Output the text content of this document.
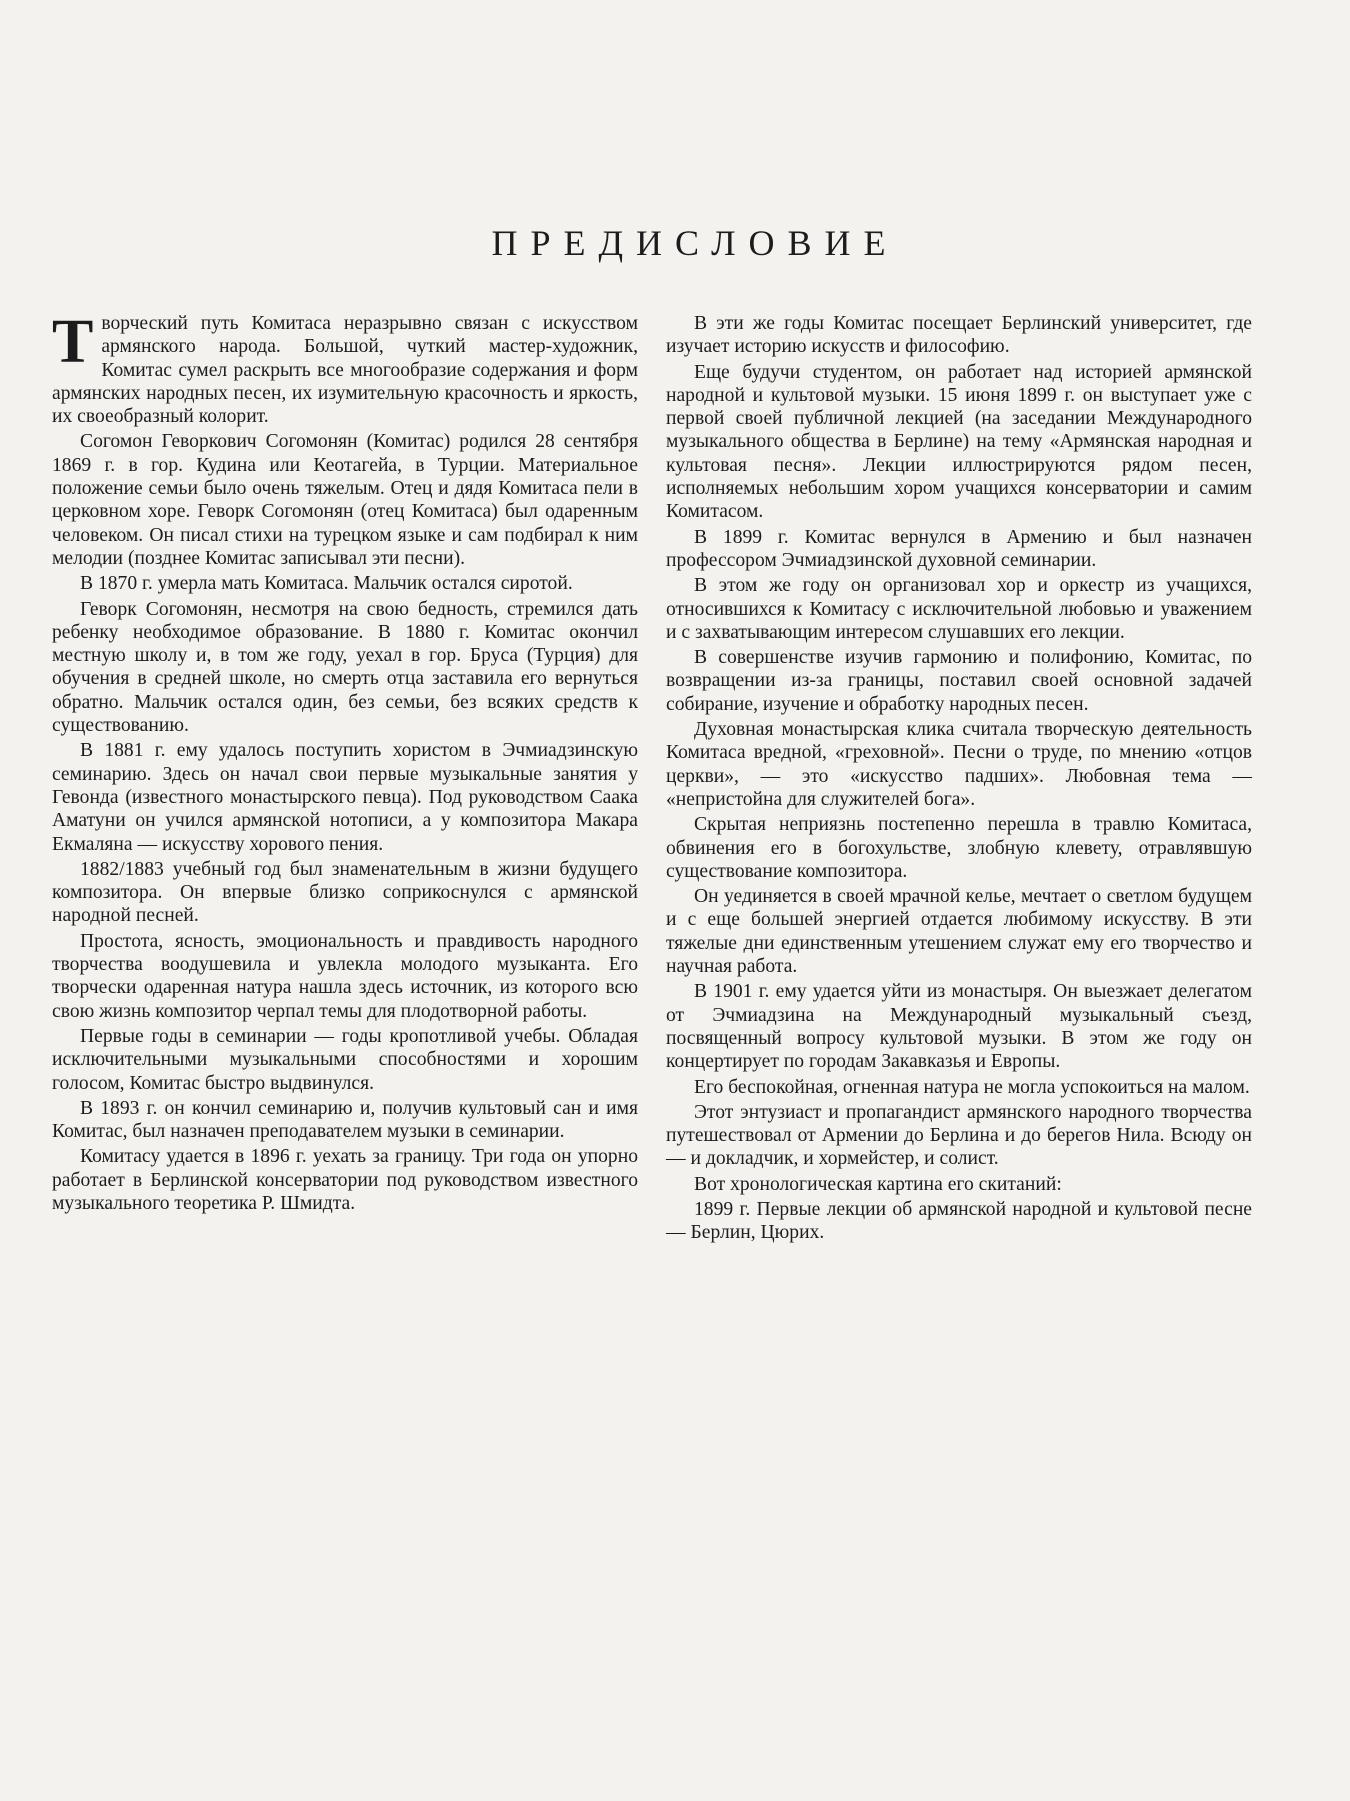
ПРЕДИСЛОВИЕ

Творческий путь Комитаса неразрывно связан с искусством армянского народа. Большой, чуткий мастер-художник, Комитас сумел раскрыть все многообразие содержания и форм армянских народных песен, их изумительную красочность и яркость, их своеобразный колорит.

Согомон Геворкович Согомонян (Комитас) родился 28 сентября 1869 г. в гор. Кудина или Кеотагейа, в Турции. Материальное положение семьи было очень тяжелым. Отец и дядя Комитаса пели в церковном хоре. Геворк Согомонян (отец Комитаса) был одаренным человеком. Он писал стихи на турецком языке и сам подбирал к ним мелодии (позднее Комитас записывал эти песни).

В 1870 г. умерла мать Комитаса. Мальчик остался сиротой.

Геворк Согомонян, несмотря на свою бедность, стремился дать ребенку необходимое образование. В 1880 г. Комитас окончил местную школу и, в том же году, уехал в гор. Бруса (Турция) для обучения в средней школе, но смерть отца заставила его вернуться обратно. Мальчик остался один, без семьи, без всяких средств к существованию.

В 1881 г. ему удалось поступить хористом в Эчмиадзинскую семинарию. Здесь он начал свои первые музыкальные занятия у Гевонда (известного монастырского певца). Под руководством Саака Аматуни он учился армянской нотописи, а у композитора Макара Екмаляна — искусству хорового пения.

1882/1883 учебный год был знаменательным в жизни будущего композитора. Он впервые близко соприкоснулся с армянской народной песней.

Простота, ясность, эмоциональность и правдивость народного творчества воодушевила и увлекла молодого музыканта. Его творчески одаренная натура нашла здесь источник, из которого всю свою жизнь композитор черпал темы для плодотворной работы.

Первые годы в семинарии — годы кропотливой учебы. Обладая исключительными музыкальными способностями и хорошим голосом, Комитас быстро выдвинулся.

В 1893 г. он кончил семинарию и, получив культовый сан и имя Комитас, был назначен преподавателем музыки в семинарии.

Комитасу удается в 1896 г. уехать за границу. Три года он упорно работает в Берлинской консерватории под руководством известного музыкального теоретика Р. Шмидта.

В эти же годы Комитас посещает Берлинский университет, где изучает историю искусств и философию.

Еще будучи студентом, он работает над историей армянской народной и культовой музыки. 15 июня 1899 г. он выступает уже с первой своей публичной лекцией (на заседании Международного музыкального общества в Берлине) на тему «Армянская народная и культовая песня». Лекции иллюстрируются рядом песен, исполняемых небольшим хором учащихся консерватории и самим Комитасом.

В 1899 г. Комитас вернулся в Армению и был назначен профессором Эчмиадзинской духовной семинарии.

В этом же году он организовал хор и оркестр из учащихся, относившихся к Комитасу с исключительной любовью и уважением и с захватывающим интересом слушавших его лекции.

В совершенстве изучив гармонию и полифонию, Комитас, по возвращении из-за границы, поставил своей основной задачей собирание, изучение и обработку народных песен.

Духовная монастырская клика считала творческую деятельность Комитаса вредной, «греховной». Песни о труде, по мнению «отцов церкви», — это «искусство падших». Любовная тема — «непристойна для служителей бога».

Скрытая неприязнь постепенно перешла в травлю Комитаса, обвинения его в богохульстве, злобную клевету, отравлявшую существование композитора.

Он уединяется в своей мрачной келье, мечтает о светлом будущем и с еще большей энергией отдается любимому искусству. В эти тяжелые дни единственным утешением служат ему его творчество и научная работа.

В 1901 г. ему удается уйти из монастыря. Он выезжает делегатом от Эчмиадзина на Международный музыкальный съезд, посвященный вопросу культовой музыки. В этом же году он концертирует по городам Закавказья и Европы.

Его беспокойная, огненная натура не могла успокоиться на малом.

Этот энтузиаст и пропагандист армянского народного творчества путешествовал от Армении до Берлина и до берегов Нила. Всюду он — и докладчик, и хормейстер, и солист.

Вот хронологическая картина его скитаний:

1899 г. Первые лекции об армянской народной и культовой песне — Берлин, Цюрих.
